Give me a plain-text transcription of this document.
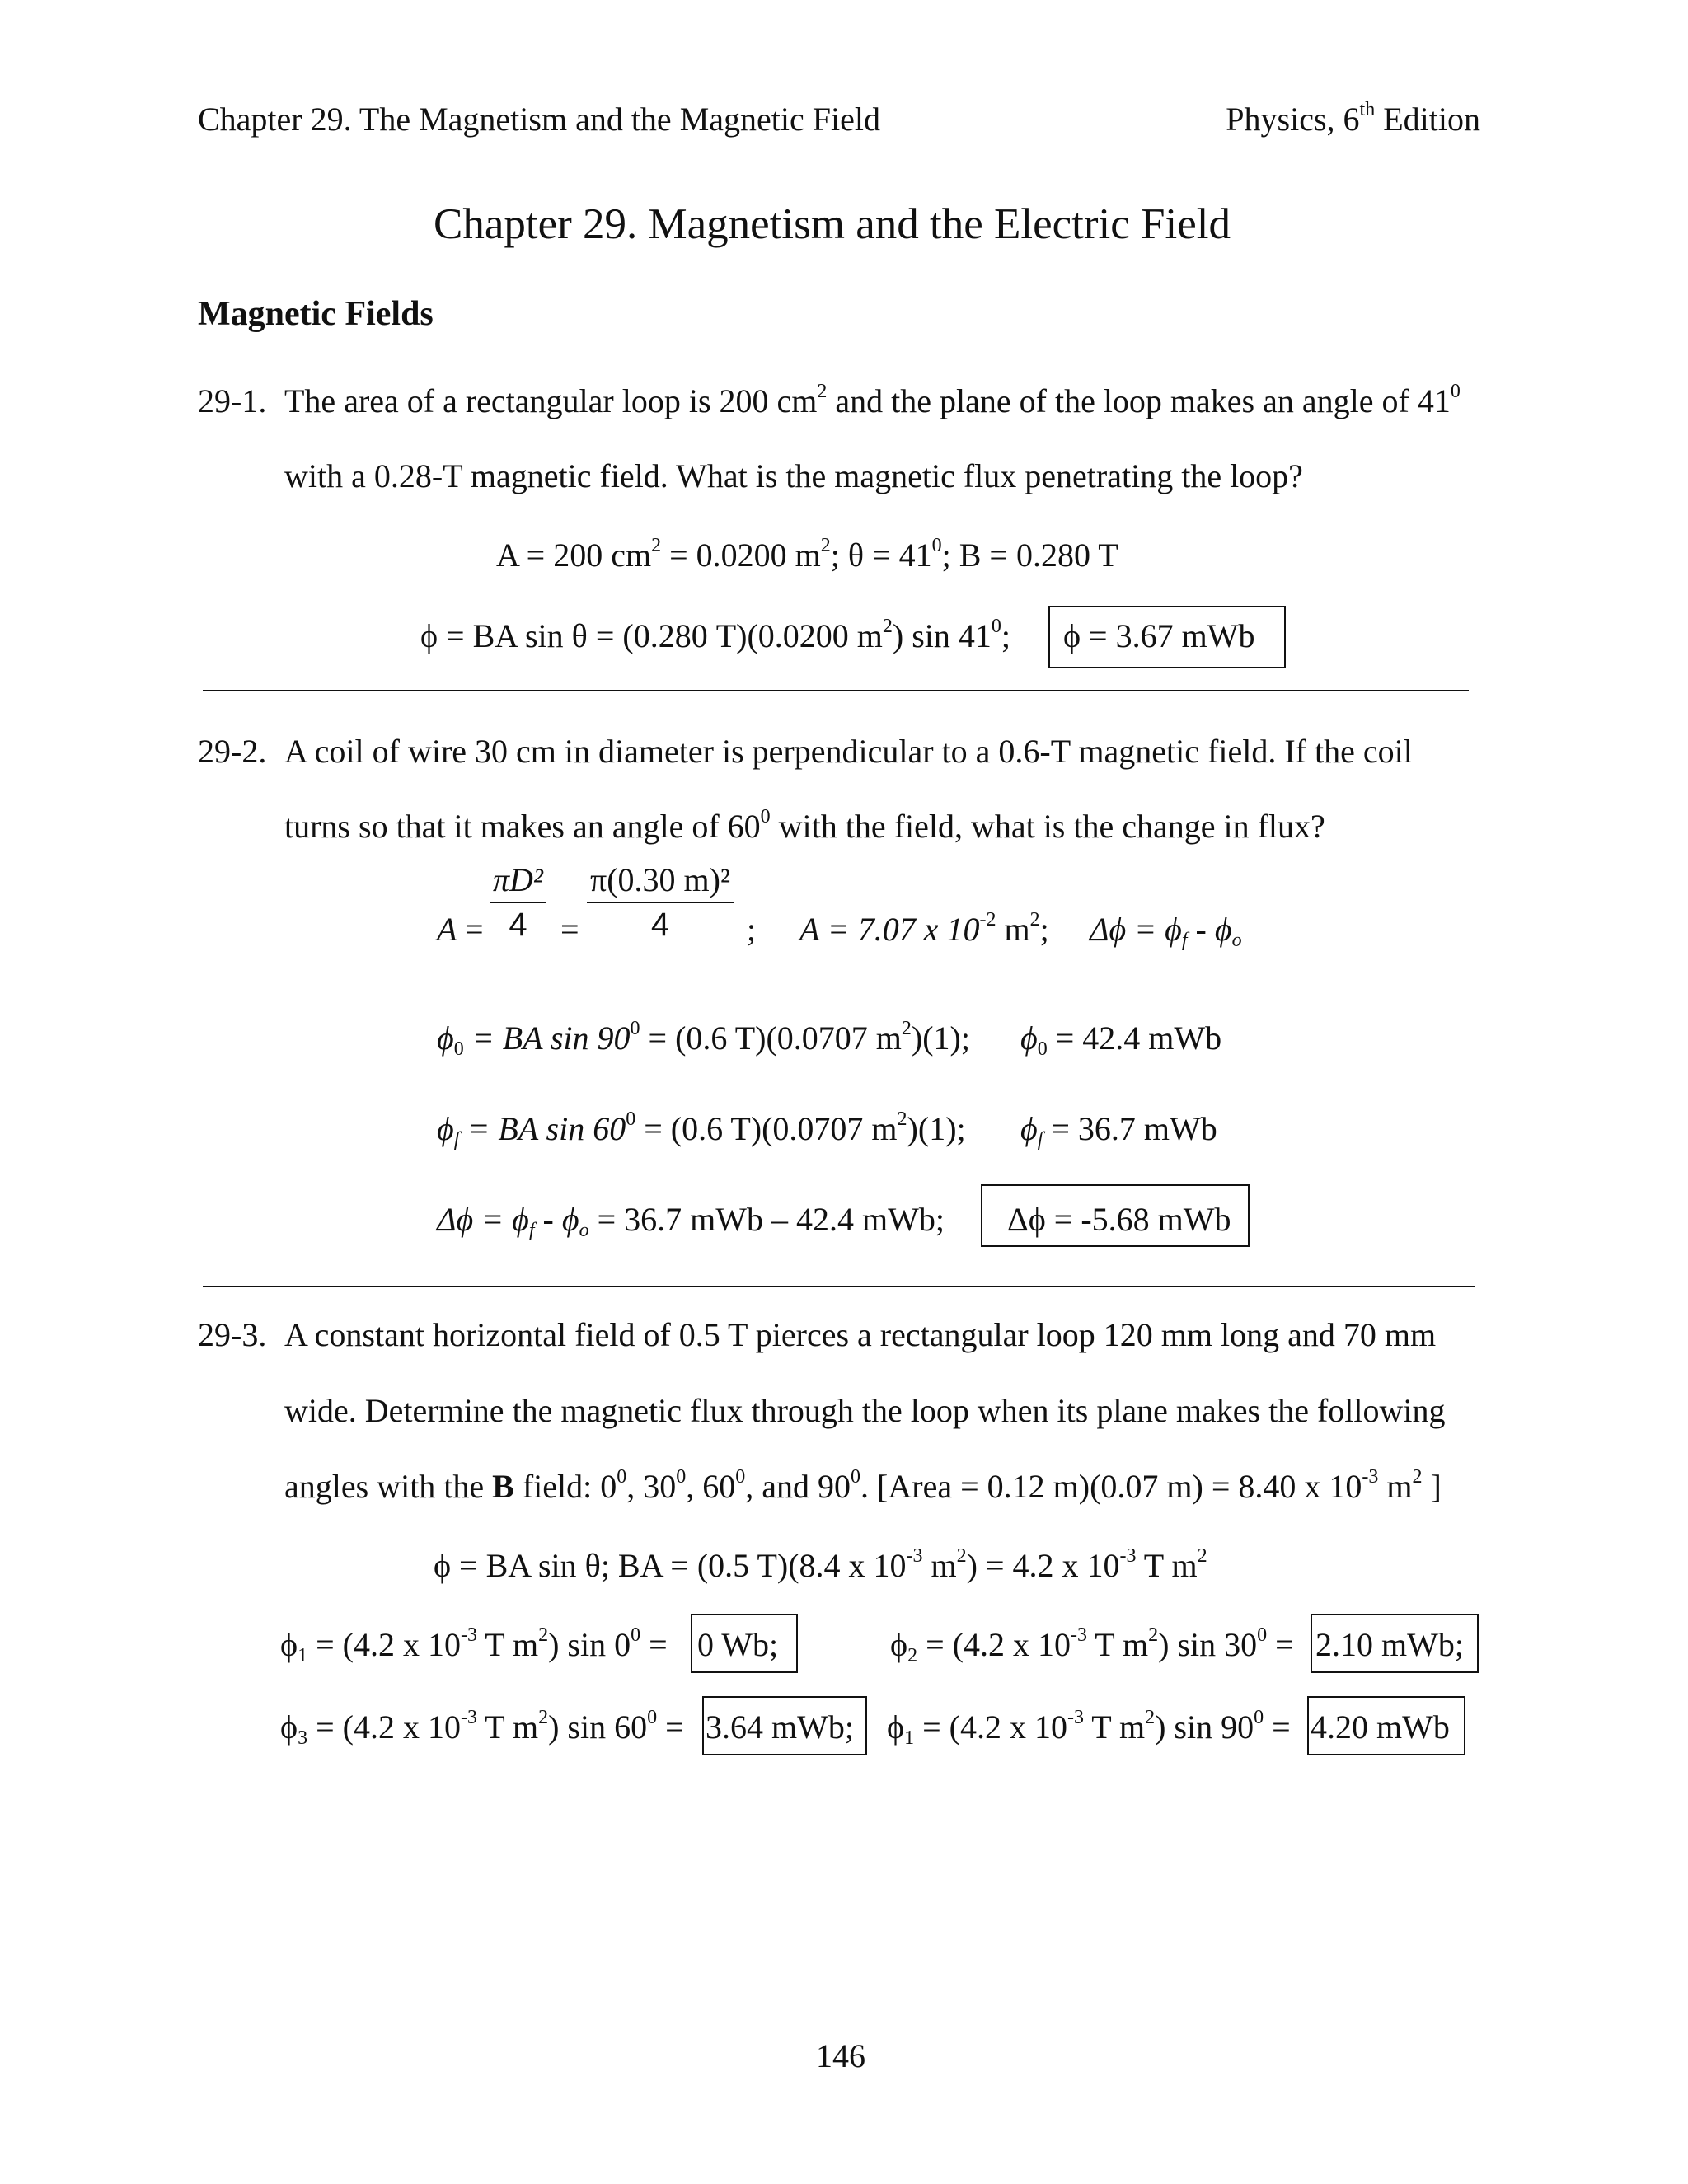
Chapter 29. The Magnetism and the Magnetic Field	Physics, 6th Edition
Chapter 29. Magnetism and the Electric Field
Magnetic Fields
29-1. The area of a rectangular loop is 200 $cm^2$ and the plane of the loop makes an angle of $41^0$
with a 0.28-T magnetic field. What is the magnetic flux penetrating the loop?
A = 200 $cm^2 = 0.0200$ $m^2$; $\theta = 41^0$; B = 0.280 T
ϕ = BA sin θ = (0.280 T)(0.0200 $m^2$) $\sin 41^0$; ϕ = 3.67 mWb
29-2. A coil of wire 30 cm in diameter is perpendicular to a 0.6-T magnetic field. If the coil
turns so that it makes an angle of $60^0$ with the field, what is the change in flux?
$A = \frac{\text{πD²}}{4} = \frac{\text{π(0.30 m)²}}{4}$ ; A = 7.07 x $10^{-2}$ $m^2$; $\Delta\phi = \phi_f - \phi_o$
$\phi_0$ = BA $\sin 90^0 = (0.6$ T)(0.0707 $m^2)(1)$; $\phi_0 = 42.4$ mWb
$\phi_f$ = BA $\sin 60^0 = (0.6$ T)(0.0707 $m^2)(1)$; $\phi_f = 36.7$ mWb
$\Delta\phi = \phi_f - \phi_o = 36.7$ mWb – 42.4 mWb; Δϕ = -5.68 mWb
29-3. A constant horizontal field of 0.5 T pierces a rectangular loop 120 mm long and 70 mm
wide. Determine the magnetic flux through the loop when its plane makes the following
angles with the B field: $0^0$, $30^0$, $60^0$, and $90^0$. [Area = 0.12 m)(0.07 m) = 8.40 x $10^{-3}$ $m^2$ ]
ϕ = BA sin θ; BA = (0.5 T)(8.4 x $10^{-3}$ $m^2) = 4.2$ x $10^{-3}$ T $m^2$
$\phi_1 = (4.2$ x $10^{-3}$ T $m^2$) $\sin 0^0 = 0$ Wb;	$\phi_2 = (4.2$ x $10^{-3}$ T $m^2$) $\sin 30^0 = 2.10$ mWb;
$\phi_3 = (4.2$ x $10^{-3}$ T $m^2$) $\sin 60^0 = 3.64$ mWb; $\phi_1 = (4.2$ x $10^{-3}$ T $m^2$) $\sin 90^0 = 4.20$ mWb
146
